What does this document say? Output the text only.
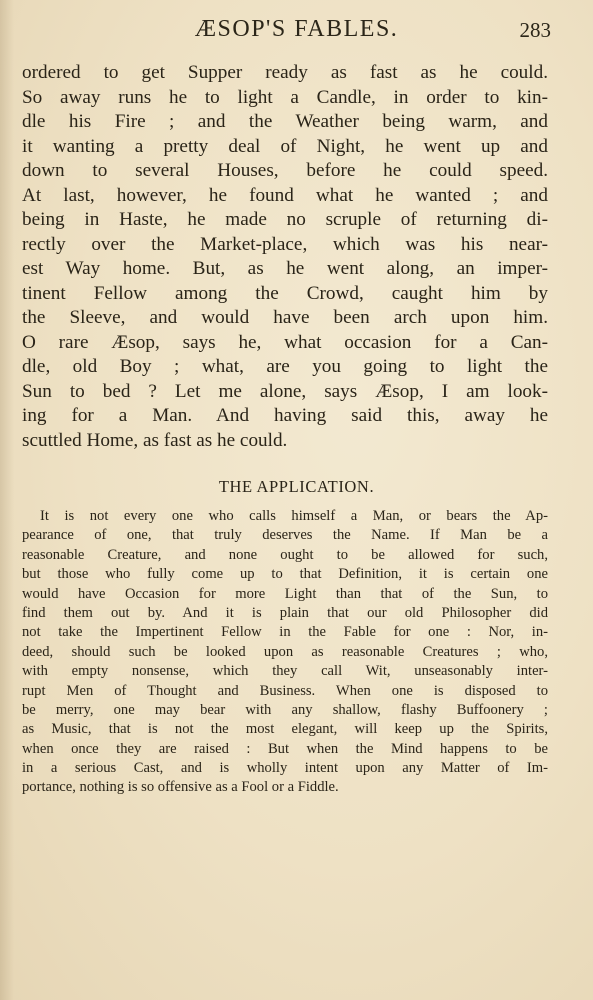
ÆSOP'S FABLES.	283
ordered to get Supper ready as fast as he could.
So away runs he to light a Candle, in order to kin-
dle his Fire ; and the Weather being warm, and
it wanting a pretty deal of Night, he went up and
down to several Houses, before he could speed.
At last, however, he found what he wanted ; and
being in Haste, he made no scruple of returning di-
rectly over the Market-place, which was his near-
est Way home. But, as he went along, an imper-
tinent Fellow among the Crowd, caught him by
the Sleeve, and would have been arch upon him.
O rare Æsop, says he, what occasion for a Can-
dle, old Boy ; what, are you going to light the
Sun to bed ? Let me alone, says Æsop, I am look-
ing for a Man. And having said this, away he
scuttled Home, as fast as he could.
THE APPLICATION.
It is not every one who calls himself a Man, or bears the Ap-
pearance of one, that truly deserves the Name. If Man be a
reasonable Creature, and none ought to be allowed for such,
but those who fully come up to that Definition, it is certain one
would have Occasion for more Light than that of the Sun, to
find them out by. And it is plain that our old Philosopher did
not take the Impertinent Fellow in the Fable for one : Nor, in-
deed, should such be looked upon as reasonable Creatures ; who,
with empty nonsense, which they call Wit, unseasonably inter-
rupt Men of Thought and Business. When one is disposed to
be merry, one may bear with any shallow, flashy Buffoonery ;
as Music, that is not the most elegant, will keep up the Spirits,
when once they are raised : But when the Mind happens to be
in a serious Cast, and is wholly intent upon any Matter of Im-
portance, nothing is so offensive as a Fool or a Fiddle.
